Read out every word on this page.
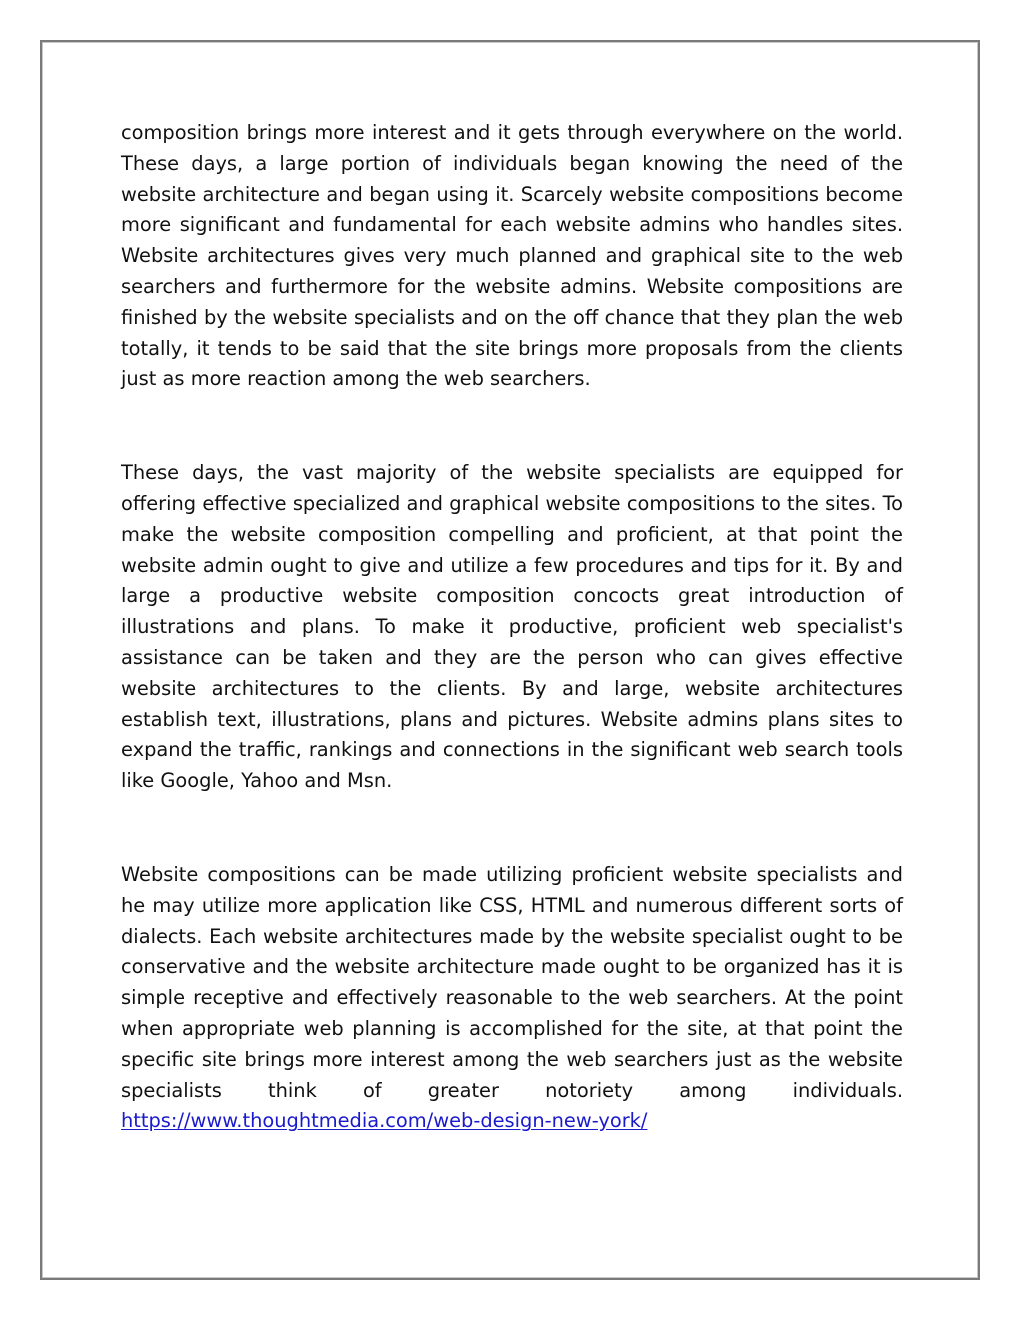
composition brings more interest and it gets through everywhere on the world. These days, a large portion of individuals began knowing the need of the website architecture and began using it. Scarcely website compositions become more significant and fundamental for each website admins who handles sites. Website architectures gives very much planned and graphical site to the web searchers and furthermore for the website admins. Website compositions are finished by the website specialists and on the off chance that they plan the web totally, it tends to be said that the site brings more proposals from the clients just as more reaction among the web searchers.

These days, the vast majority of the website specialists are equipped for offering effective specialized and graphical website compositions to the sites. To make the website composition compelling and proficient, at that point the website admin ought to give and utilize a few procedures and tips for it. By and large a productive website composition concocts great introduction of illustrations and plans. To make it productive, proficient web specialist's assistance can be taken and they are the person who can gives effective website architectures to the clients. By and large, website architectures establish text, illustrations, plans and pictures. Website admins plans sites to expand the traffic, rankings and connections in the significant web search tools like Google, Yahoo and Msn.

Website compositions can be made utilizing proficient website specialists and he may utilize more application like CSS, HTML and numerous different sorts of dialects. Each website architectures made by the website specialist ought to be conservative and the website architecture made ought to be organized has it is simple receptive and effectively reasonable to the web searchers. At the point when appropriate web planning is accomplished for the site, at that point the specific site brings more interest among the web searchers just as the website specialists think of greater notoriety among individuals. https://www.thoughtmedia.com/web-design-new-york/
